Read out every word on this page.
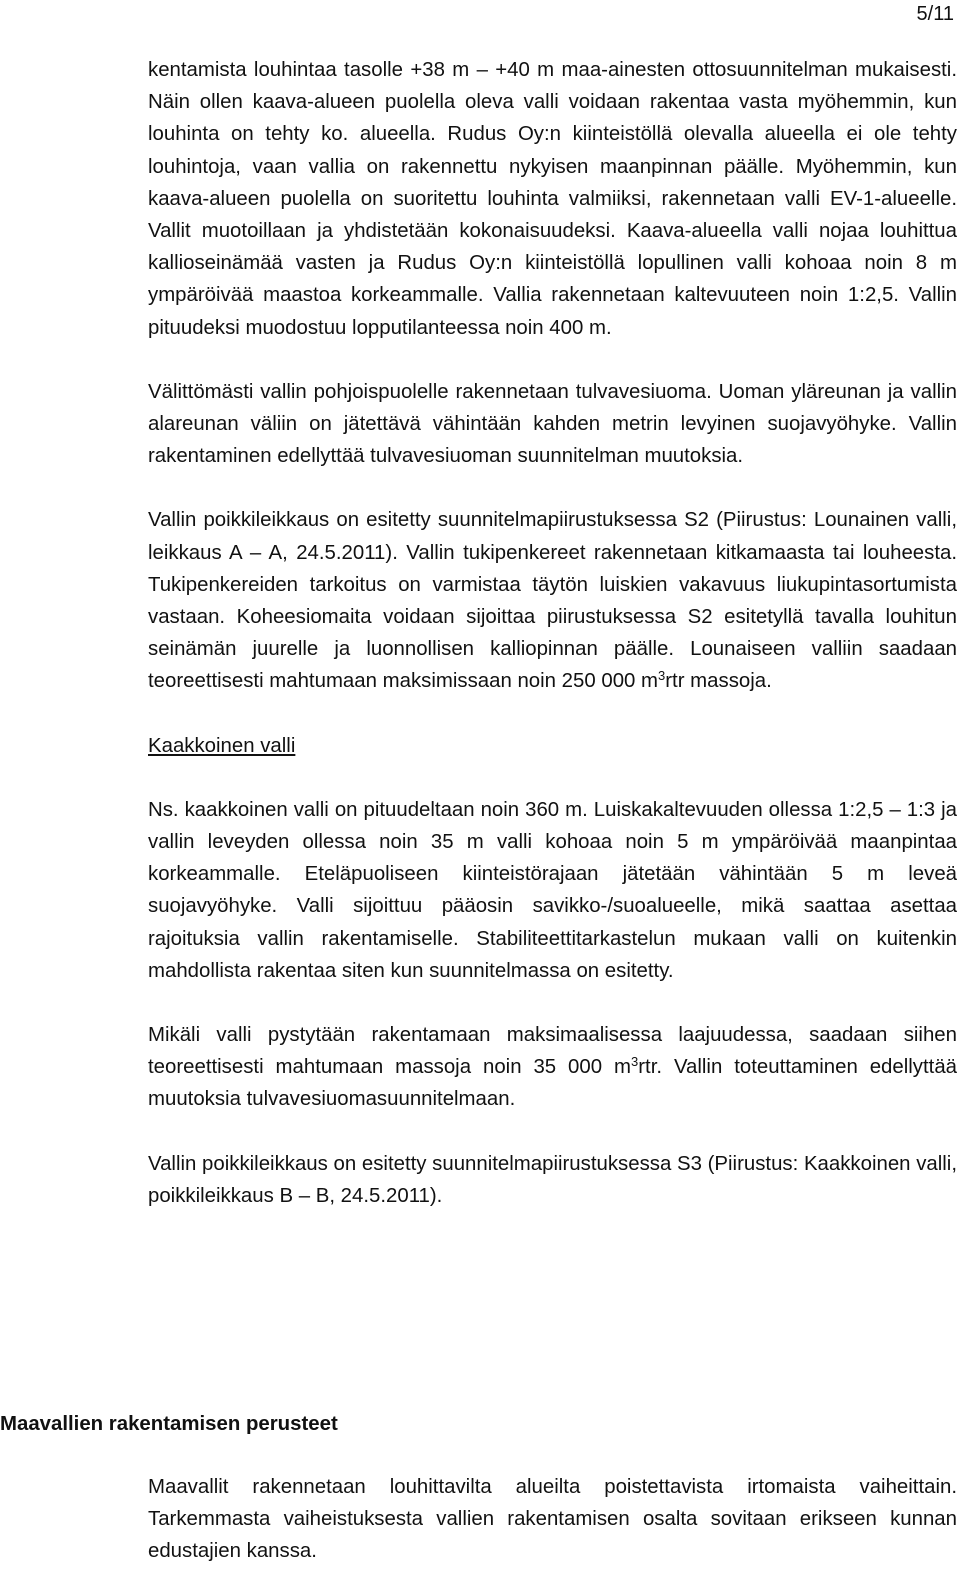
5/11

kentamista louhintaa tasolle +38 m – +40 m maa-ainesten ottosuunnitelman mukaisesti. Näin ollen kaava-alueen puolella oleva valli voidaan rakentaa vasta myöhemmin, kun louhinta on tehty ko. alueella. Rudus Oy:n kiinteistöllä olevalla alueella ei ole tehty louhintoja, vaan vallia on rakennettu nykyisen maanpinnan päälle. Myöhemmin, kun kaava-alueen puolella on suoritettu louhinta valmiiksi, rakennetaan valli EV-1-alueelle. Vallit muotoillaan ja yhdistetään kokonaisuudeksi. Kaava-alueella valli nojaa louhittua kallioseinämää vasten ja Rudus Oy:n kiinteistöllä lopullinen valli kohoaa noin 8 m ympäröivää maastoa korkeammalle. Vallia rakennetaan kaltevuuteen noin 1:2,5. Vallin pituudeksi muodostuu lopputilanteessa noin 400 m.

Välittömästi vallin pohjoispuolelle rakennetaan tulvavesiuoma. Uoman yläreunan ja vallin alareunan väliin on jätettävä vähintään kahden metrin levyinen suojavyöhyke. Vallin rakentaminen edellyttää tulvavesiuoman suunnitelman muutoksia.

Vallin poikkileikkaus on esitetty suunnitelmapiirustuksessa S2 (Piirustus: Lounainen valli, leikkaus A – A, 24.5.2011). Vallin tukipenkereet rakennetaan kitkamaasta tai louheesta. Tukipenkereiden tarkoitus on varmistaa täytön luiskien vakavuus liukupintasortumista vastaan. Koheesiomaita voidaan sijoittaa piirustuksessa S2 esitetyllä tavalla louhitun seinämän juurelle ja luonnollisen kalliopinnan päälle. Lounaiseen valliin saadaan teoreettisesti mahtumaan maksimissaan noin 250 000 $m^3rtr$ massoja.

Kaakkoinen valli

Ns. kaakkoinen valli on pituudeltaan noin 360 m. Luiskakaltevuuden ollessa 1:2,5 – 1:3 ja vallin leveyden ollessa noin 35 m valli kohoaa noin 5 m ympäröivää maanpintaa korkeammalle. Eteläpuoliseen kiinteistörajaan jätetään vähintään 5 m leveä suojavyöhyke. Valli sijoittuu pääosin savikko-/suoalueelle, mikä saattaa asettaa rajoituksia vallin rakentamiselle. Stabiliteettitarkastelun mukaan valli on kuitenkin mahdollista rakentaa siten kun suunnitelmassa on esitetty.

Mikäli valli pystytään rakentamaan maksimaalisessa laajuudessa, saadaan siihen teoreettisesti mahtumaan massoja noin 35 000 $m^3rtr$. Vallin toteuttaminen edellyttää muutoksia tulvavesiuomasuunnitelmaan.

Vallin poikkileikkaus on esitetty suunnitelmapiirustuksessa S3 (Piirustus: Kaakkoinen valli, poikkileikkaus B – B, 24.5.2011).

Maavallien rakentamisen perusteet

Maavallit rakennetaan louhittavilta alueilta poistettavista irtomaista vaiheittain. Tarkemmasta vaiheistuksesta vallien rakentamisen osalta sovitaan erikseen kunnan edustajien kanssa.
